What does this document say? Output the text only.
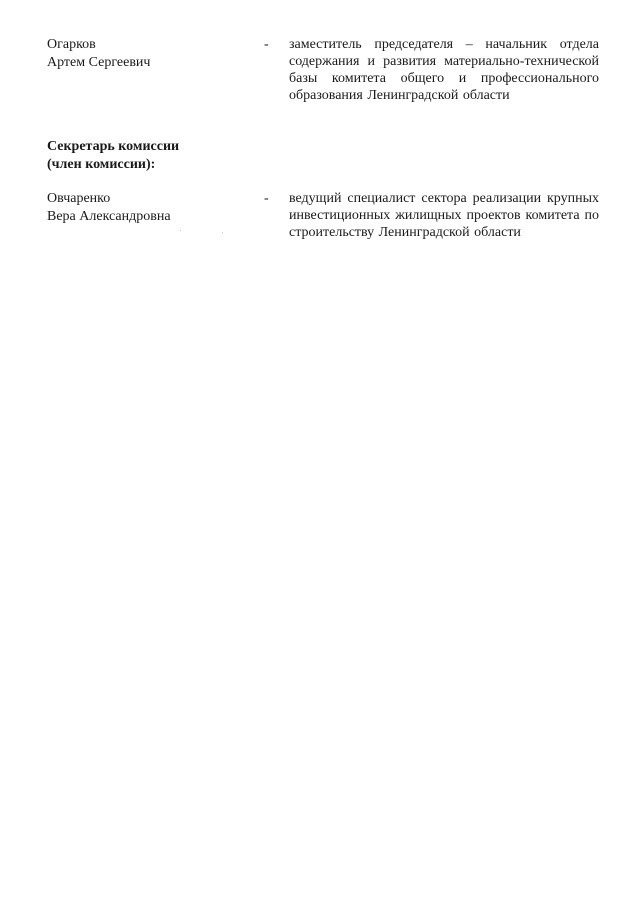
Огарков
Артем Сергеевич
- заместитель председателя – начальник отдела содержания и развития материально-технической базы комитета общего и профессионального образования Ленинградской области
Секретарь комиссии
(член комиссии):
Овчаренко
Вера Александровна
- ведущий специалист сектора реализации крупных инвестиционных жилищных проектов комитета по строительству Ленинградской области
